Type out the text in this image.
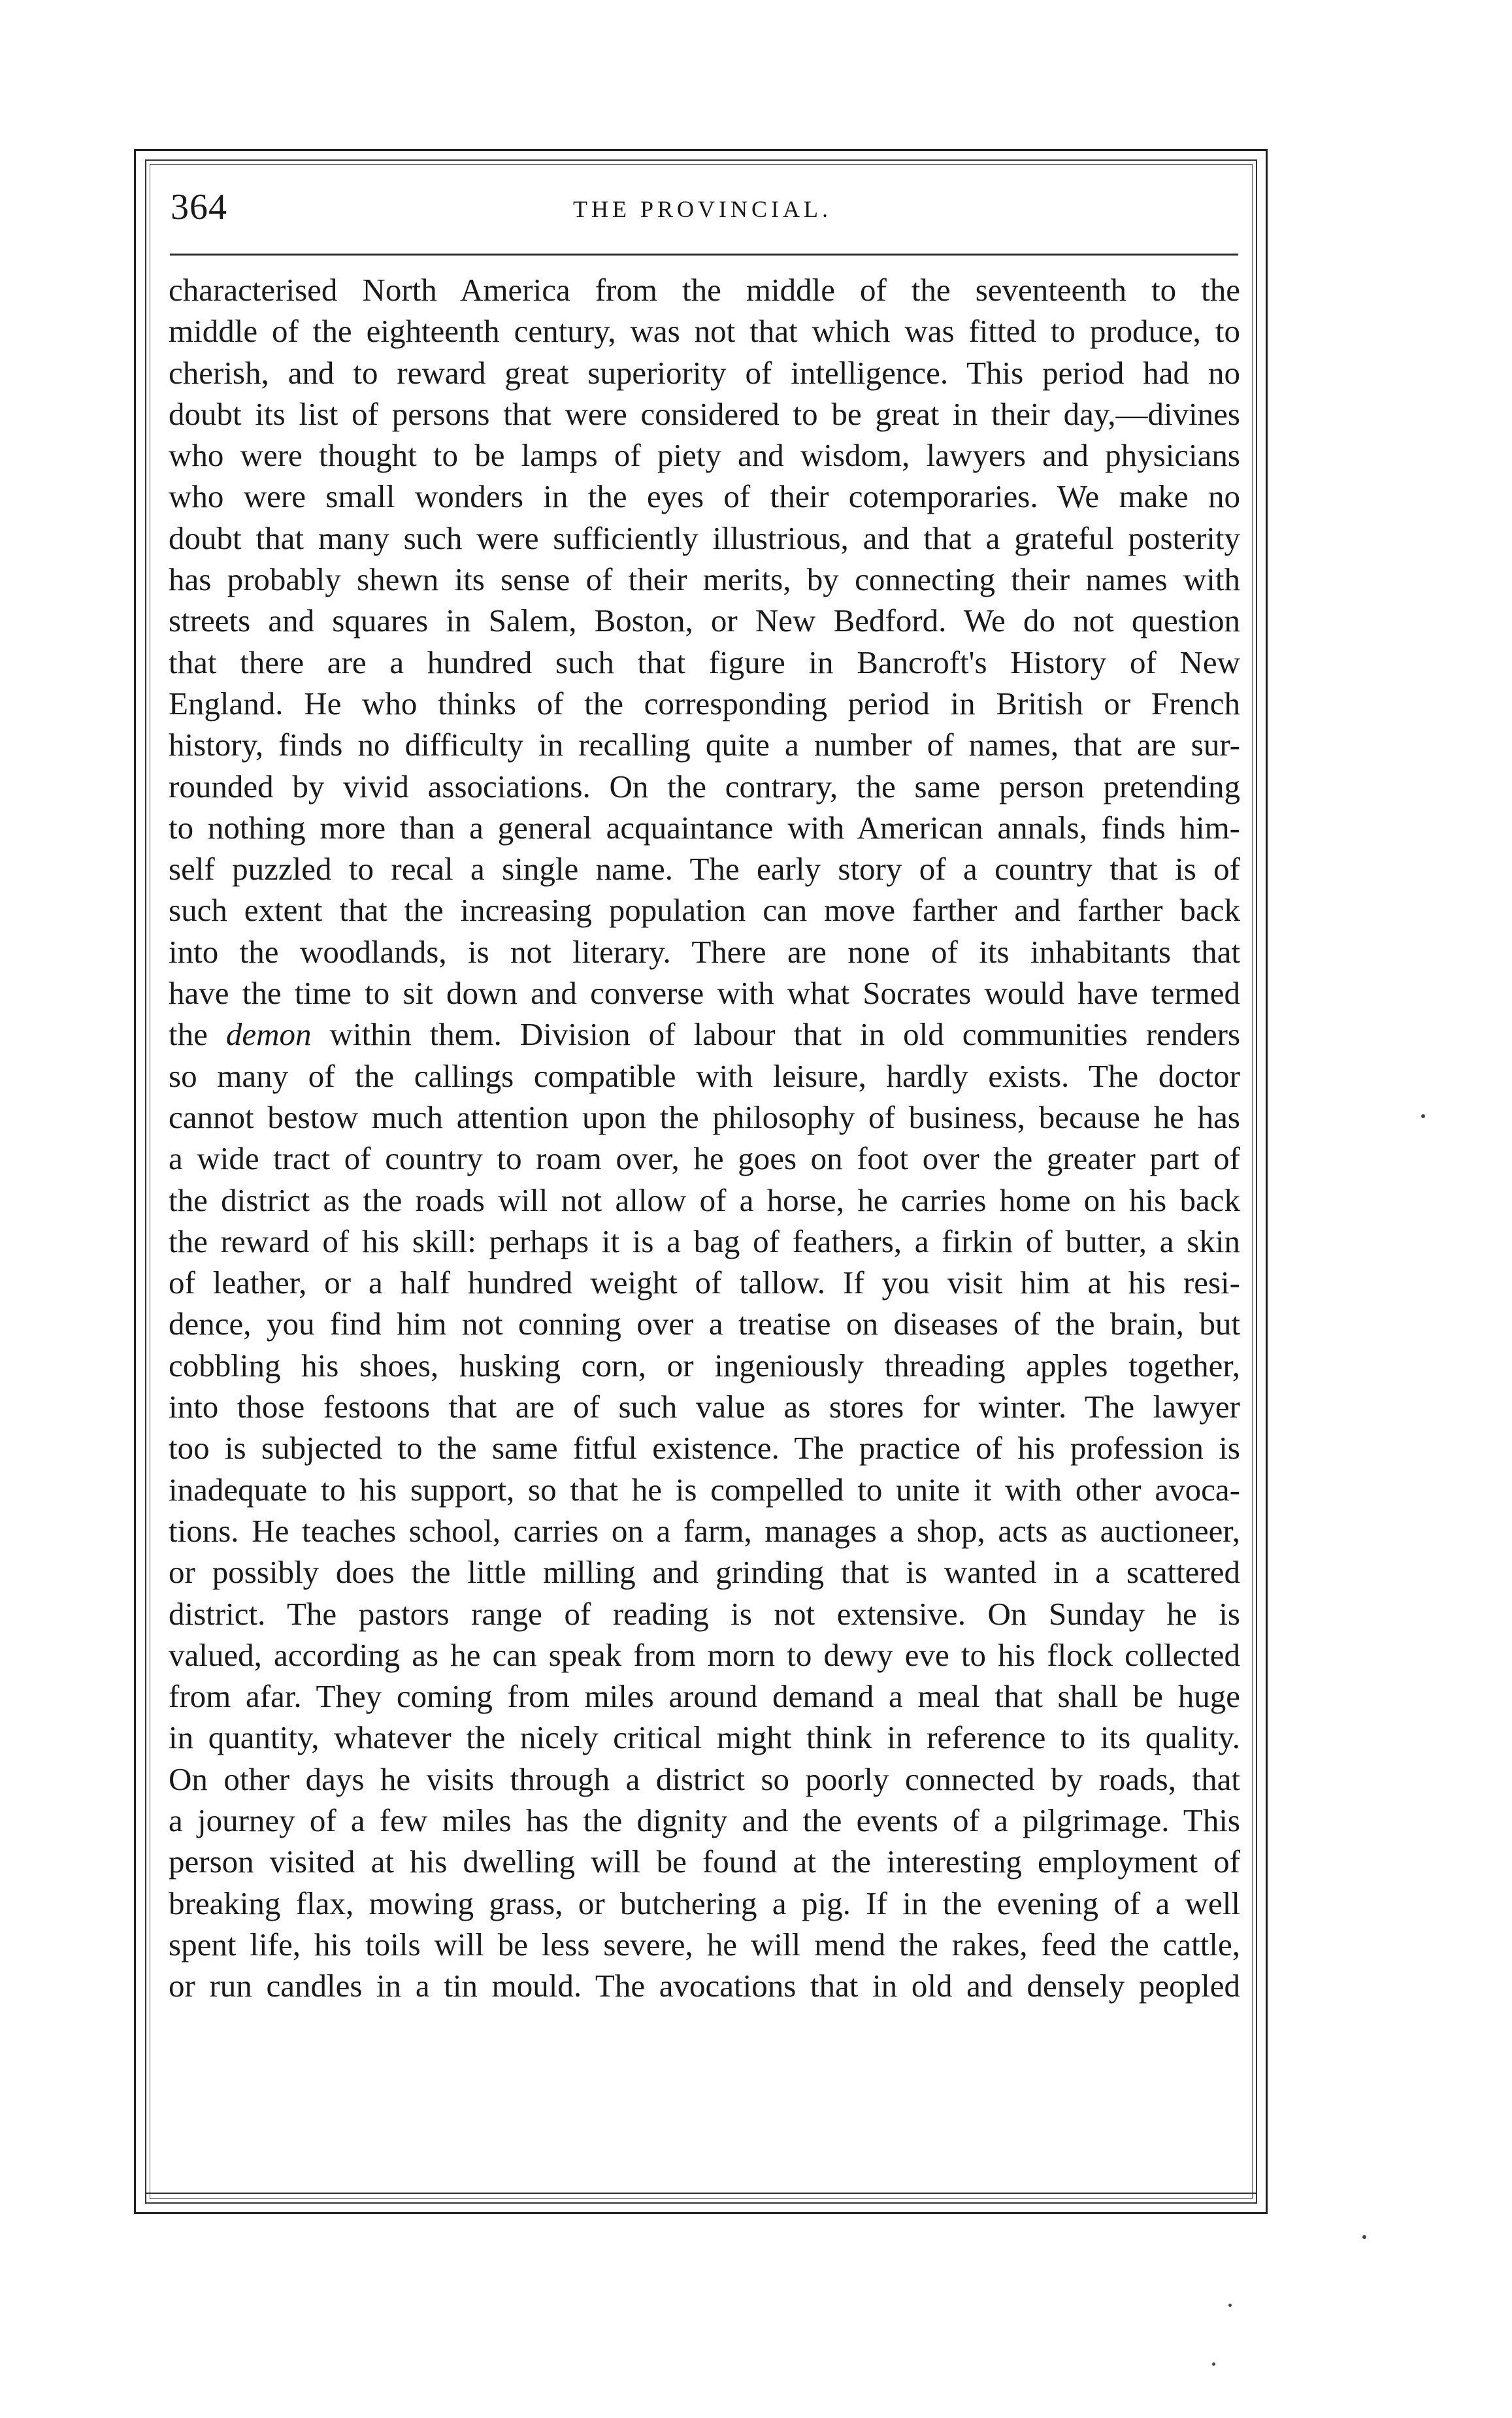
364	THE PROVINCIAL.
characterised North America from the middle of the seventeenth to the
middle of the eighteenth century, was not that which was fitted to produce, to
cherish, and to reward great superiority of intelligence. This period had no
doubt its list of persons that were considered to be great in their day,—divines
who were thought to be lamps of piety and wisdom, lawyers and physicians
who were small wonders in the eyes of their cotemporaries. We make no
doubt that many such were sufficiently illustrious, and that a grateful posterity
has probably shewn its sense of their merits, by connecting their names with
streets and squares in Salem, Boston, or New Bedford. We do not question
that there are a hundred such that figure in Bancroft's History of New
England. He who thinks of the corresponding period in British or French
history, finds no difficulty in recalling quite a number of names, that are sur-
rounded by vivid associations. On the contrary, the same person pretending
to nothing more than a general acquaintance with American annals, finds him-
self puzzled to recal a single name. The early story of a country that is of
such extent that the increasing population can move farther and farther back
into the woodlands, is not literary. There are none of its inhabitants that
have the time to sit down and converse with what Socrates would have termed
the demon within them. Division of labour that in old communities renders
so many of the callings compatible with leisure, hardly exists. The doctor
cannot bestow much attention upon the philosophy of business, because he has
a wide tract of country to roam over, he goes on foot over the greater part of
the district as the roads will not allow of a horse, he carries home on his back
the reward of his skill: perhaps it is a bag of feathers, a firkin of butter, a skin
of leather, or a half hundred weight of tallow. If you visit him at his resi-
dence, you find him not conning over a treatise on diseases of the brain, but
cobbling his shoes, husking corn, or ingeniously threading apples together,
into those festoons that are of such value as stores for winter. The lawyer
too is subjected to the same fitful existence. The practice of his profession is
inadequate to his support, so that he is compelled to unite it with other avoca-
tions. He teaches school, carries on a farm, manages a shop, acts as auctioneer,
or possibly does the little milling and grinding that is wanted in a scattered
district. The pastors range of reading is not extensive. On Sunday he is
valued, according as he can speak from morn to dewy eve to his flock collected
from afar. They coming from miles around demand a meal that shall be huge
in quantity, whatever the nicely critical might think in reference to its quality.
On other days he visits through a district so poorly connected by roads, that
a journey of a few miles has the dignity and the events of a pilgrimage. This
person visited at his dwelling will be found at the interesting employment of
breaking flax, mowing grass, or butchering a pig. If in the evening of a well
spent life, his toils will be less severe, he will mend the rakes, feed the cattle,
or run candles in a tin mould. The avocations that in old and densely peopled
